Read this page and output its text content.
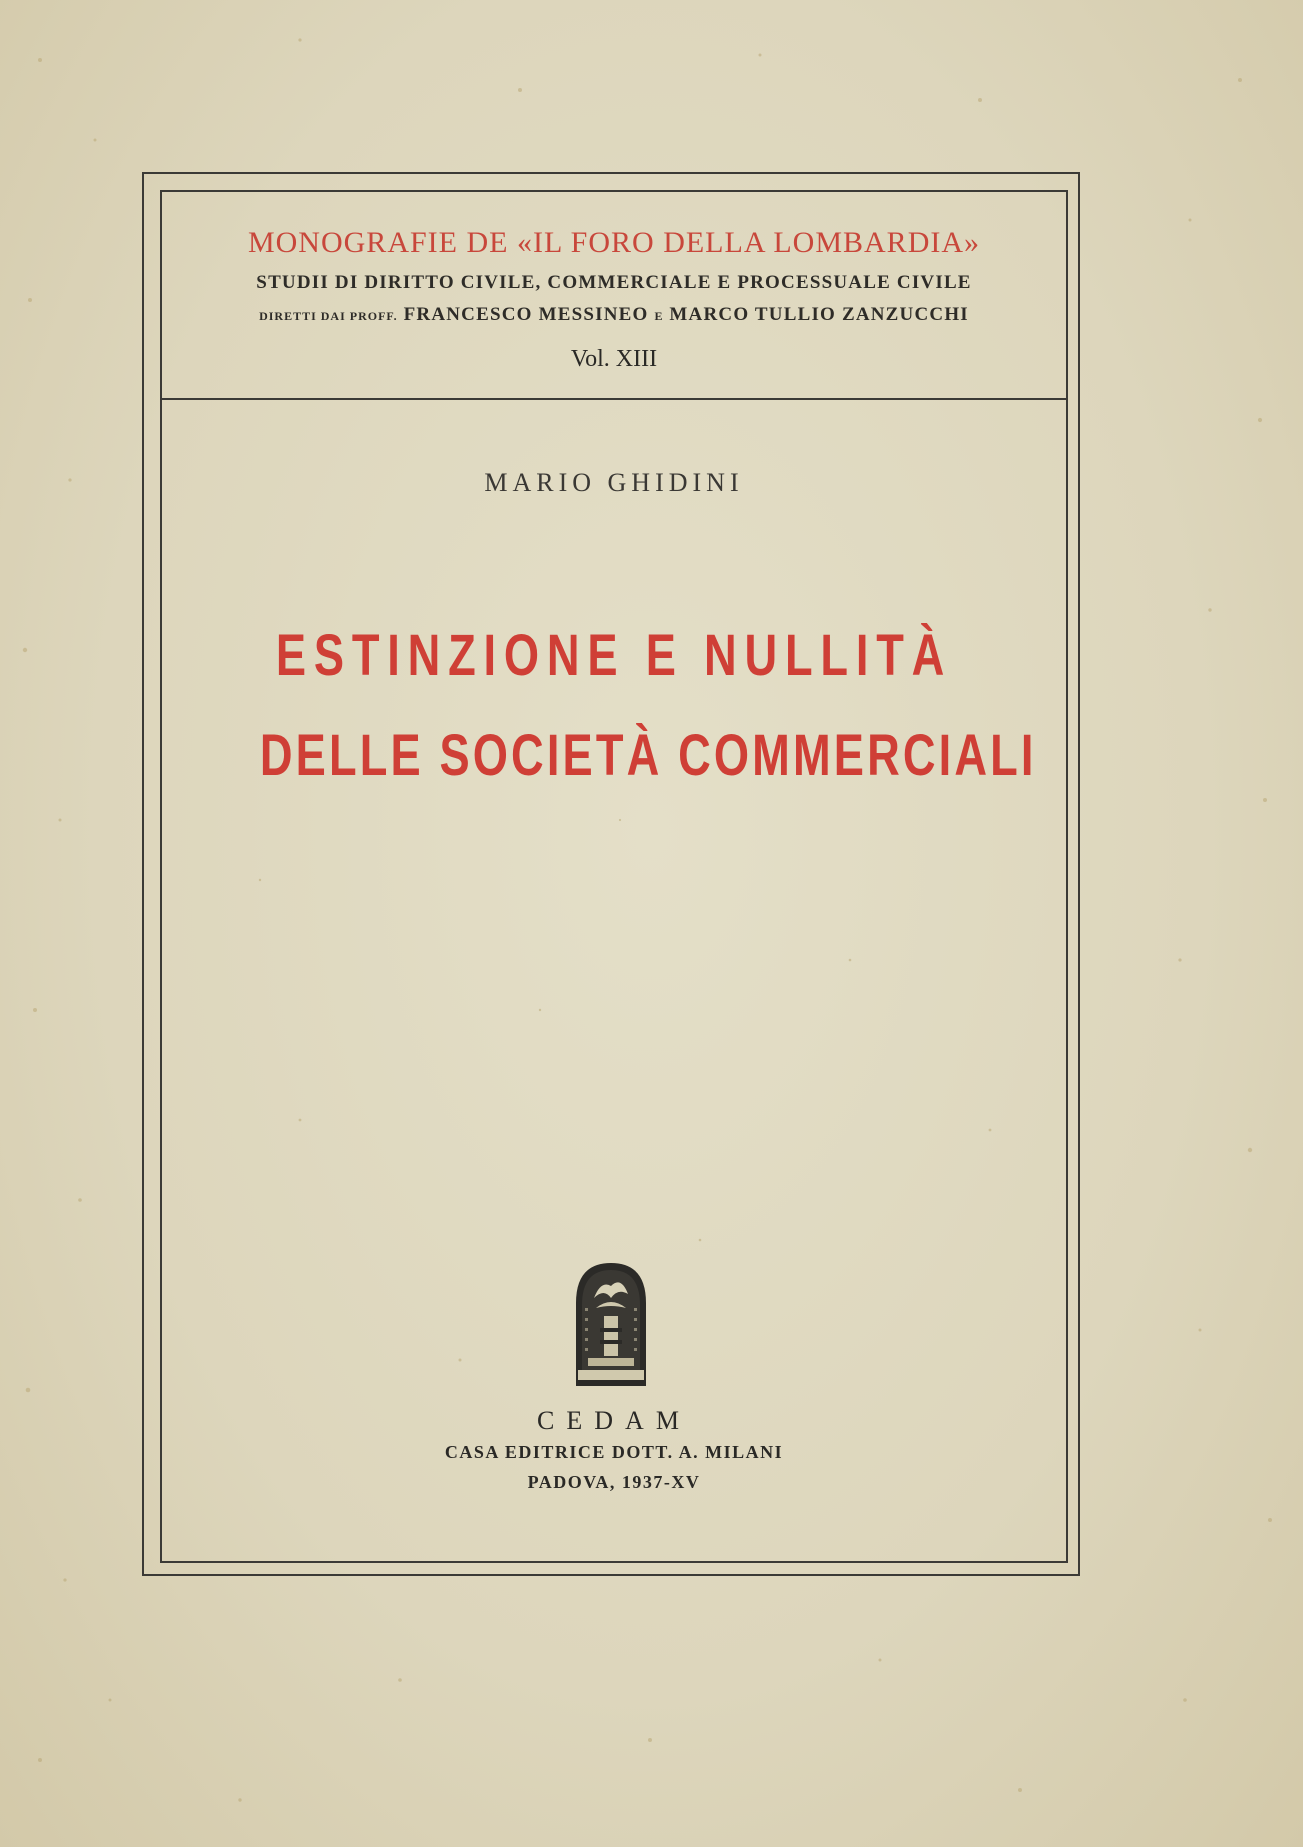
MONOGRAFIE DE «IL FORO DELLA LOMBARDIA»
STUDII DI DIRITTO CIVILE, COMMERCIALE E PROCESSUALE CIVILE
DIRETTI DAI PROFF. FRANCESCO MESSINEO E MARCO TULLIO ZANZUCCHI
Vol. XIII
MARIO GHIDINI
ESTINZIONE E NULLITÀ
DELLE SOCIETÀ COMMERCIALI
CEDAM
CASA EDITRICE DOTT. A. MILANI
PADOVA, 1937-XV
